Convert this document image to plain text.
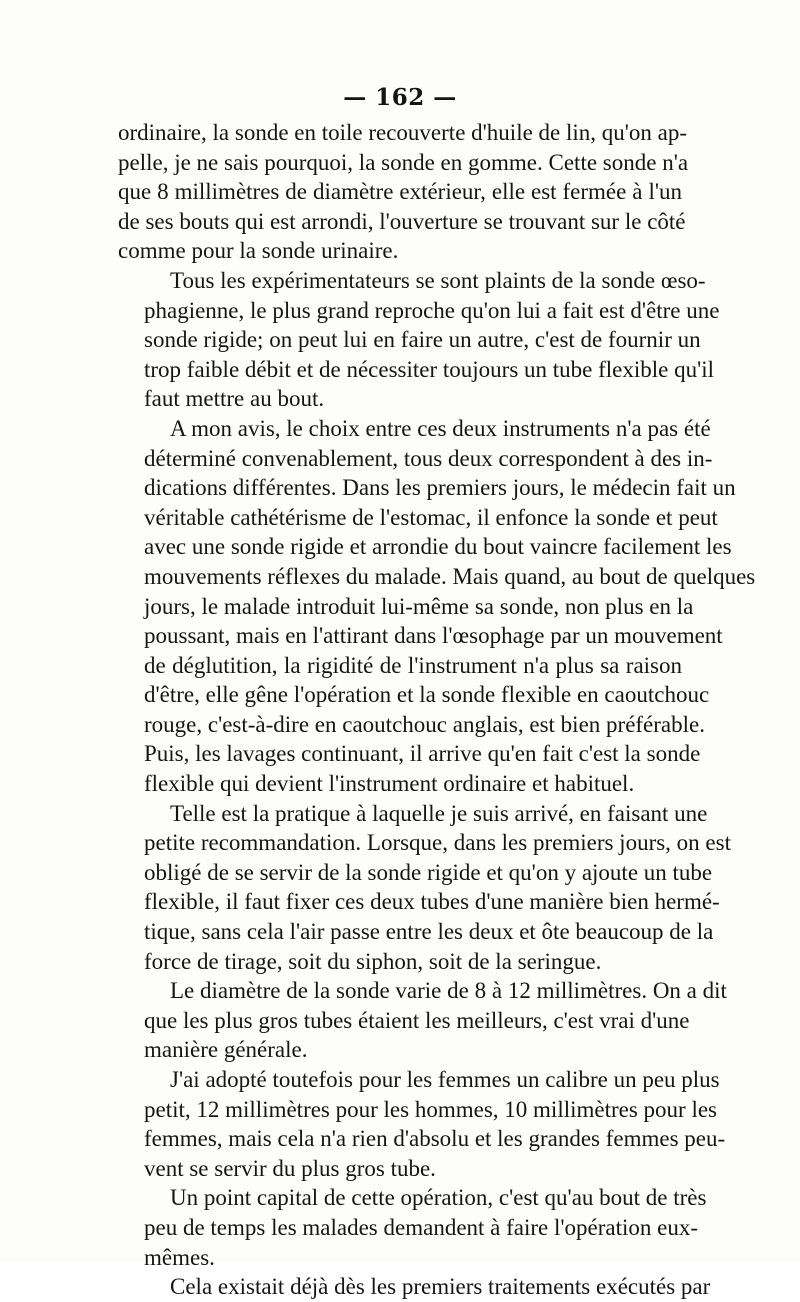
— 162 —

ordinaire, la sonde en toile recouverte d'huile de lin, qu'on ap-
pelle, je ne sais pourquoi, la sonde en gomme. Cette sonde n'a
que 8 millimètres de diamètre extérieur, elle est fermée à l'un
de ses bouts qui est arrondi, l'ouverture se trouvant sur le côté
comme pour la sonde urinaire.

Tous les expérimentateurs se sont plaints de la sonde œso-
phagienne, le plus grand reproche qu'on lui a fait est d'être une
sonde rigide; on peut lui en faire un autre, c'est de fournir un
trop faible débit et de nécessiter toujours un tube flexible qu'il
faut mettre au bout.

A mon avis, le choix entre ces deux instruments n'a pas été
déterminé convenablement, tous deux correspondent à des in-
dications différentes. Dans les premiers jours, le médecin fait un
véritable cathétérisme de l'estomac, il enfonce la sonde et peut
avec une sonde rigide et arrondie du bout vaincre facilement les
mouvements réflexes du malade. Mais quand, au bout de quelques
jours, le malade introduit lui-même sa sonde, non plus en la
poussant, mais en l'attirant dans l'œsophage par un mouvement
de déglutition, la rigidité de l'instrument n'a plus sa raison
d'être, elle gêne l'opération et la sonde flexible en caoutchouc
rouge, c'est-à-dire en caoutchouc anglais, est bien préférable.
Puis, les lavages continuant, il arrive qu'en fait c'est la sonde
flexible qui devient l'instrument ordinaire et habituel.

Telle est la pratique à laquelle je suis arrivé, en faisant une
petite recommandation. Lorsque, dans les premiers jours, on est
obligé de se servir de la sonde rigide et qu'on y ajoute un tube
flexible, il faut fixer ces deux tubes d'une manière bien hermé-
tique, sans cela l'air passe entre les deux et ôte beaucoup de la
force de tirage, soit du siphon, soit de la seringue.

Le diamètre de la sonde varie de 8 à 12 millimètres. On a dit
que les plus gros tubes étaient les meilleurs, c'est vrai d'une
manière générale.

J'ai adopté toutefois pour les femmes un calibre un peu plus
petit, 12 millimètres pour les hommes, 10 millimètres pour les
femmes, mais cela n'a rien d'absolu et les grandes femmes peu-
vent se servir du plus gros tube.

Un point capital de cette opération, c'est qu'au bout de très
peu de temps les malades demandent à faire l'opération eux-
mêmes.

Cela existait déjà dès les premiers traitements exécutés par
